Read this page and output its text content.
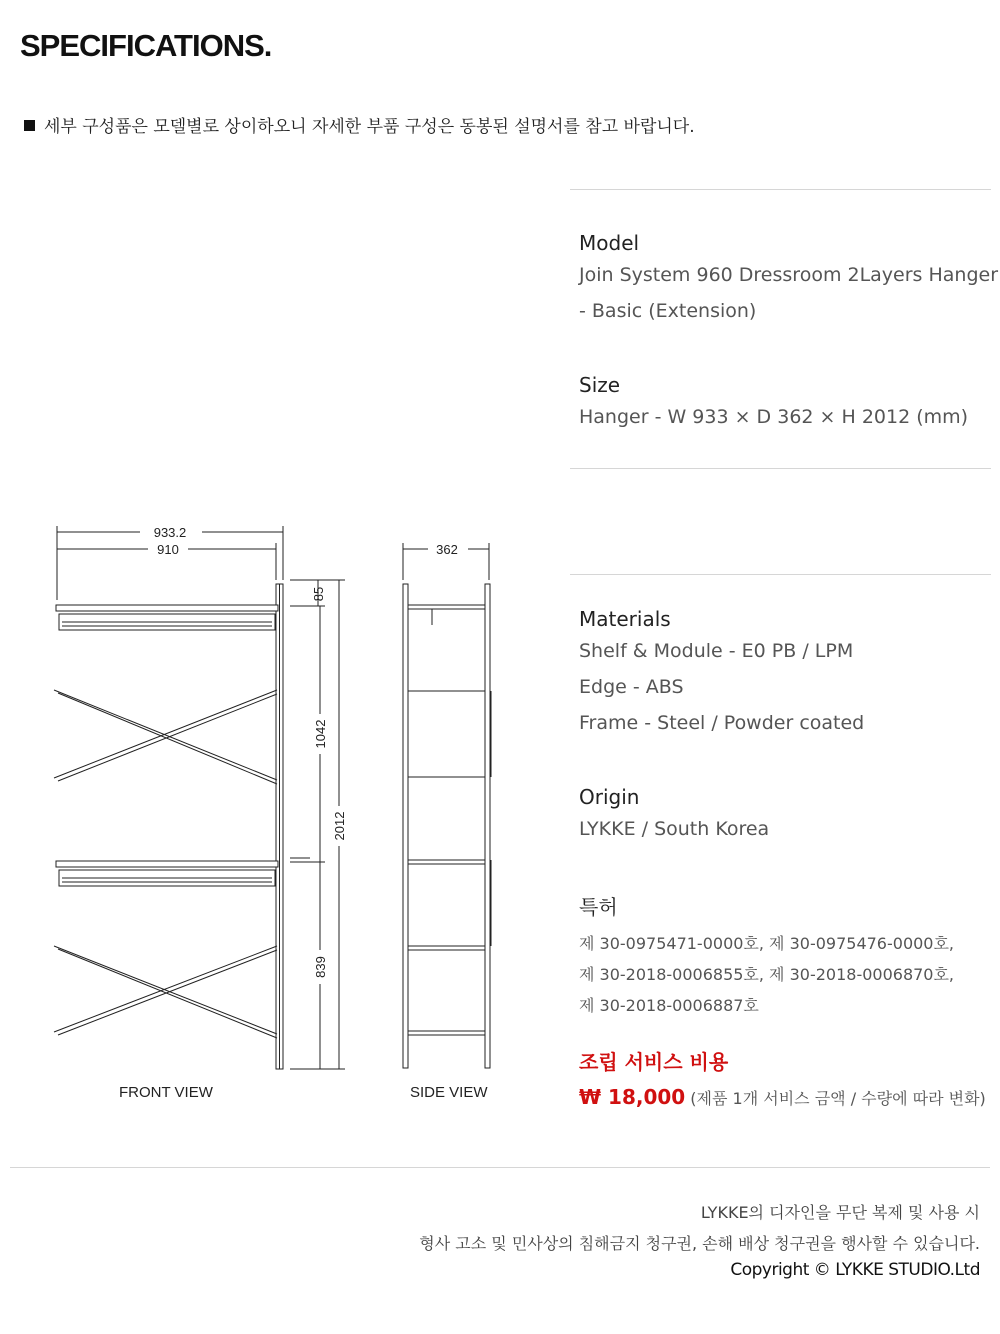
SPECIFICATIONS.
세부 구성품은 모델별로 상이하오니 자세한 부품 구성은 동봉된 설명서를 참고 바랍니다.
Model
Join System 960 Dressroom 2Layers Hanger
- Basic (Extension)
Size
Hanger - W 933 × D 362 × H 2012 (mm)
Materials
Shelf & Module - E0 PB / LPM
Edge - ABS
Frame - Steel / Powder coated
Origin
LYKKE / South Korea
특허
제 30-0975471-0000호, 제 30-0975476-0000호,
제 30-2018-0006855호, 제 30-2018-0006870호,
제 30-2018-0006887호
조립 서비스 비용
₩ 18,000 (제품 1개 서비스 금액 / 수량에 따라 변화)
933.2
910	362
85
1042
2012
839
FRONT VIEW	SIDE VIEW
LYKKE의 디자인을 무단 복제 및 사용 시
형사 고소 및 민사상의 침해금지 청구권, 손해 배상 청구권을 행사할 수 있습니다.
Copyright © LYKKE STUDIO.Ltd
